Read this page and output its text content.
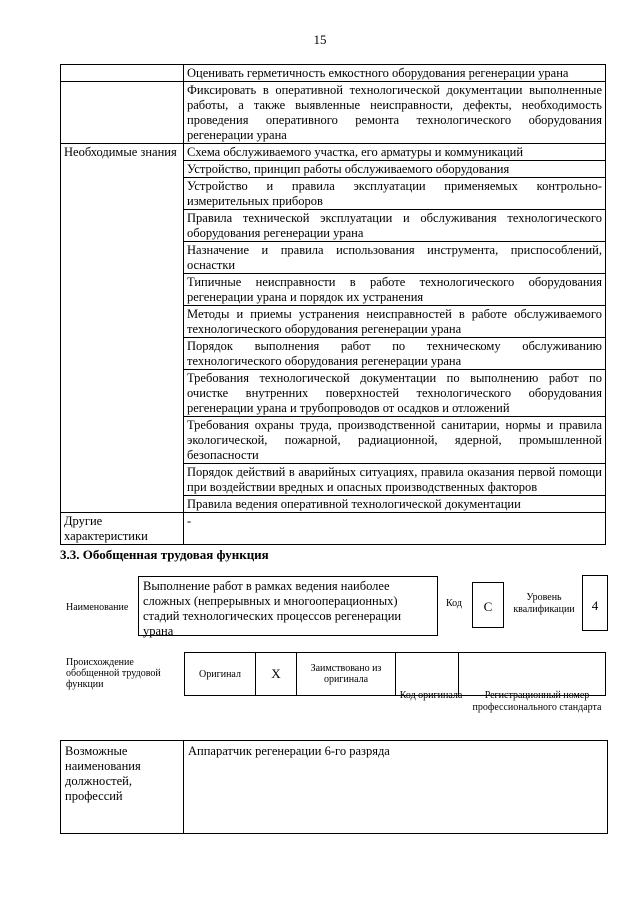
15
	Оценивать герметичность емкостного оборудования регенерации урана
	Фиксировать в оперативной технологической документации выполненные работы, а также выявленные неисправности, дефекты, необходимость проведения оперативного ремонта технологического оборудования регенерации урана
Необходимые знания	Схема обслуживаемого участка, его арматуры и коммуникаций
	Устройство, принцип работы обслуживаемого оборудования
	Устройство и правила эксплуатации применяемых контрольно-измерительных приборов
	Правила технической эксплуатации и обслуживания технологического оборудования регенерации урана
	Назначение и правила использования инструмента, приспособлений, оснастки
	Типичные неисправности в работе технологического оборудования регенерации урана и порядок их устранения
	Методы и приемы устранения неисправностей в работе обслуживаемого технологического оборудования регенерации урана
	Порядок выполнения работ по техническому обслуживанию технологического оборудования регенерации урана
	Требования технологической документации по выполнению работ по очистке внутренних поверхностей технологического оборудования регенерации урана и трубопроводов от осадков и отложений
	Требования охраны труда, производственной санитарии, нормы и правила экологической, пожарной, радиационной, ядерной, промышленной безопасности
	Порядок действий в аварийных ситуациях, правила оказания первой помощи при воздействии вредных и опасных производственных факторов
	Правила ведения оперативной технологической документации
Другие характеристики	-
3.3. Обобщенная трудовая функция
Наименование
Выполнение работ в рамках ведения наиболее сложных (непрерывных и многооперационных) стадий технологических процессов регенерации урана
Код	C
Уровень квалификации	4
Происхождение обобщенной трудовой функции
Оригинал	X	Заимствовано из оригинала		
Код оригинала	Регистрационный номер профессионального стандарта
Возможные наименования должностей, профессий	Аппаратчик регенерации 6-го разряда
